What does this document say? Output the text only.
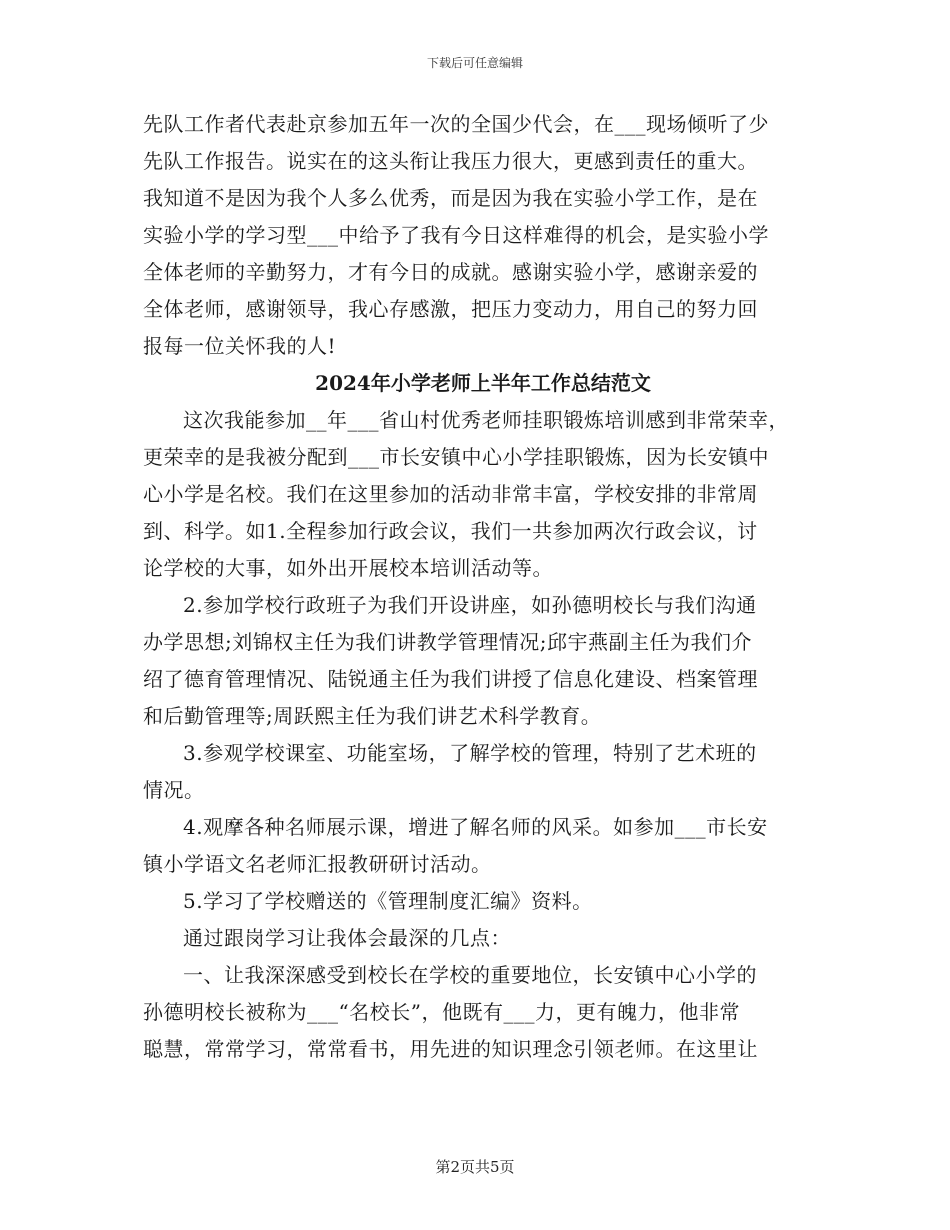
下载后可任意编辑
先队工作者代表赴京参加五年一次的全国少代会，在___现场倾听了少
先队工作报告。说实在的这头衔让我压力很大，更感到责任的重大。
我知道不是因为我个人多么优秀，而是因为我在实验小学工作，是在
实验小学的学习型___中给予了我有今日这样难得的机会，是实验小学
全体老师的辛勤努力，才有今日的成就。感谢实验小学，感谢亲爱的
全体老师，感谢领导，我心存感激，把压力变动力，用自己的努力回
报每一位关怀我的人!
2024年小学老师上半年工作总结范文
这次我能参加__年___省山村优秀老师挂职锻炼培训感到非常荣幸，
更荣幸的是我被分配到___市长安镇中心小学挂职锻炼，因为长安镇中
心小学是名校。我们在这里参加的活动非常丰富，学校安排的非常周
到、科学。如1.全程参加行政会议，我们一共参加两次行政会议，讨
论学校的大事，如外出开展校本培训活动等。
2.参加学校行政班子为我们开设讲座，如孙德明校长与我们沟通
办学思想;刘锦权主任为我们讲教学管理情况;邱宇燕副主任为我们介
绍了德育管理情况、陆锐通主任为我们讲授了信息化建设、档案管理
和后勤管理等;周跃熙主任为我们讲艺术科学教育。
3.参观学校课室、功能室场，了解学校的管理，特别了艺术班的
情况。
4.观摩各种名师展示课，增进了解名师的风采。如参加___市长安
镇小学语文名老师汇报教研研讨活动。
5.学习了学校赠送的《管理制度汇编》资料。
通过跟岗学习让我体会最深的几点：
一、让我深深感受到校长在学校的重要地位，长安镇中心小学的
孙德明校长被称为___“名校长”，他既有___力，更有魄力，他非常
聪慧，常常学习，常常看书，用先进的知识理念引领老师。在这里让
第2页共5页
